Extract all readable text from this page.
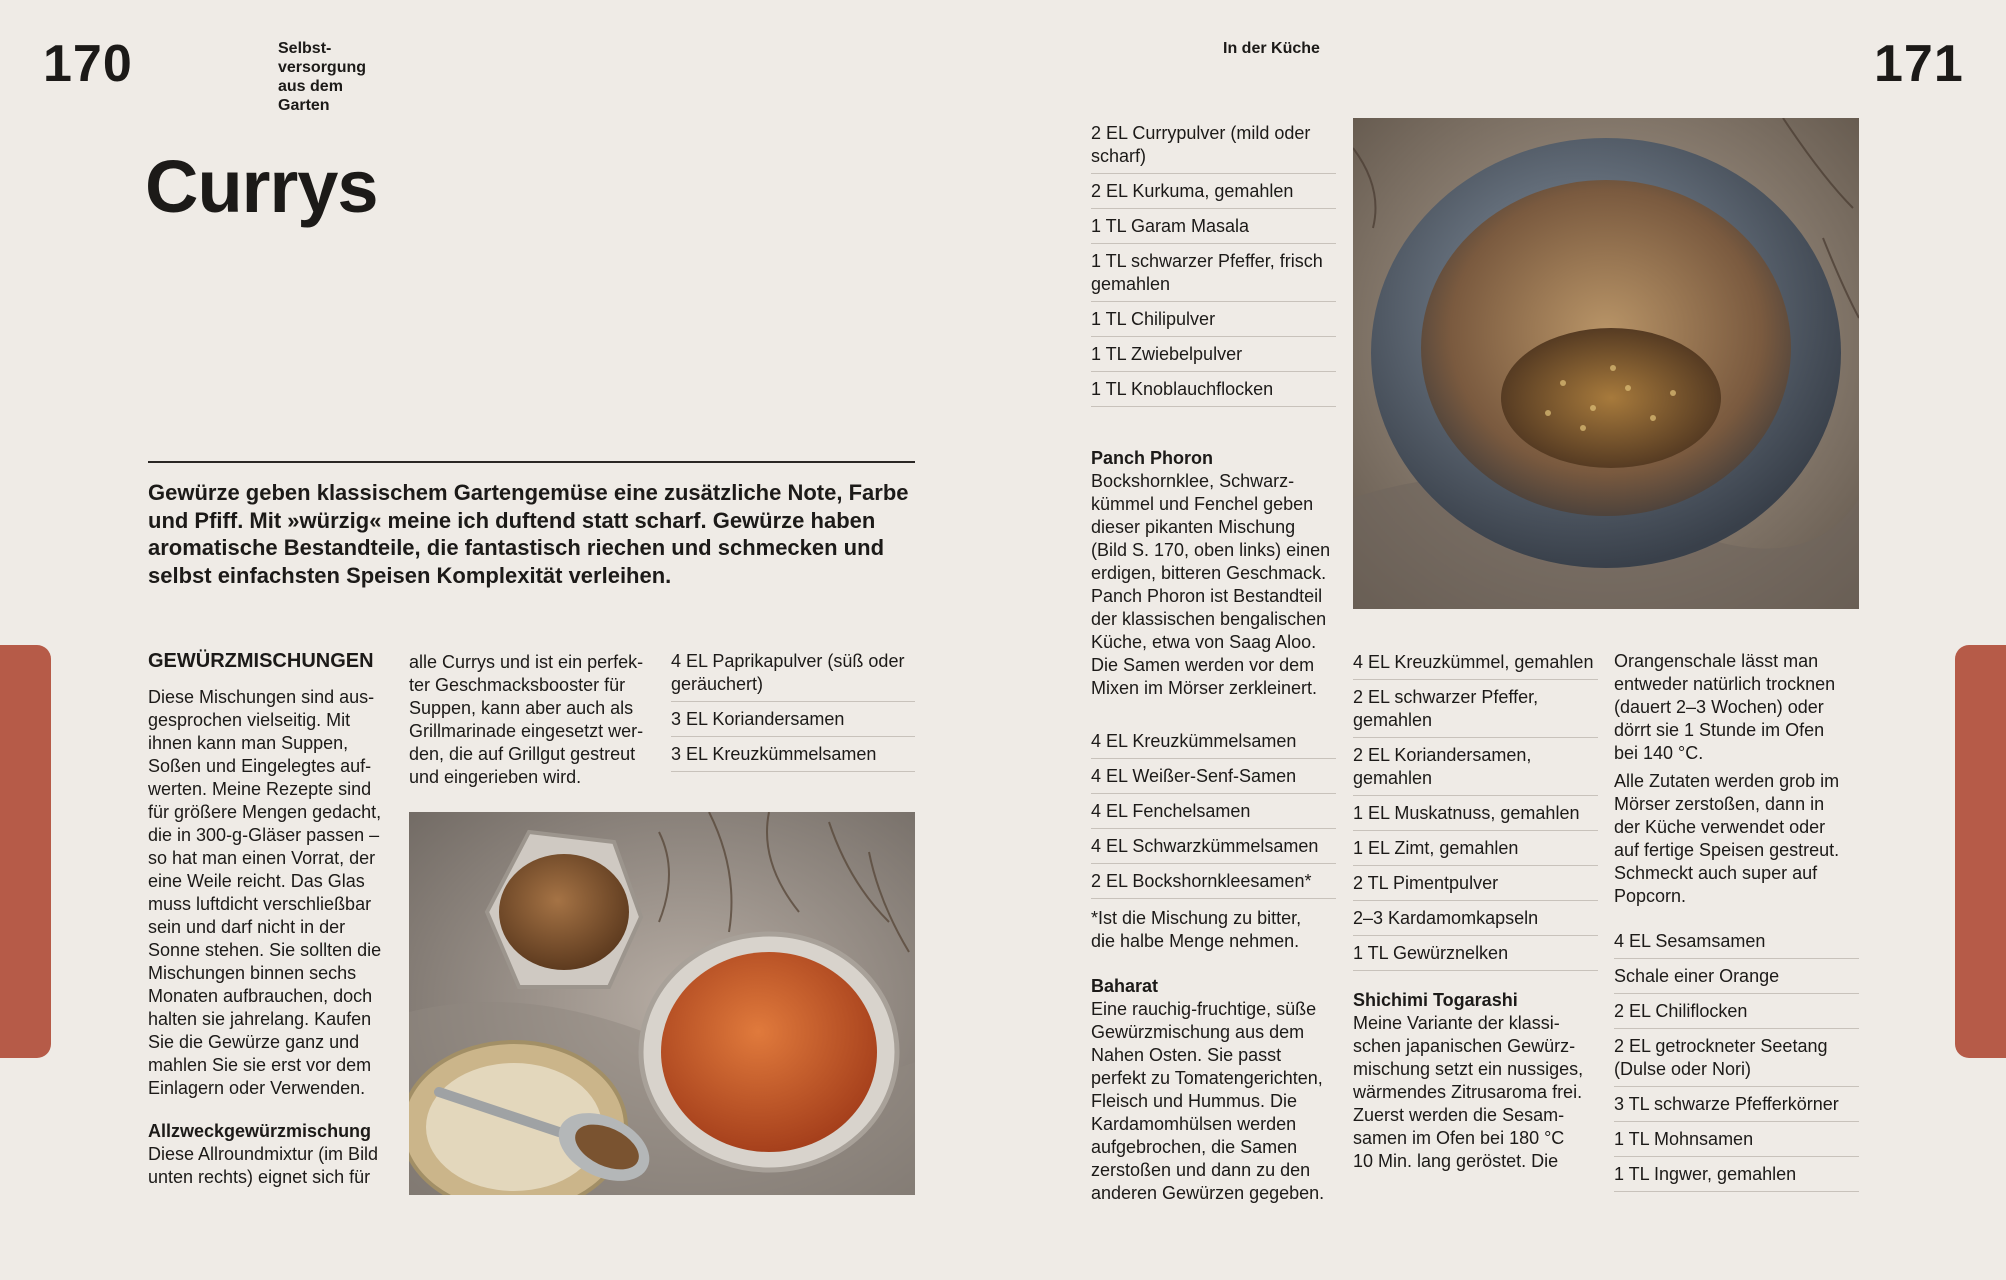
170	Selbst-
versorgung
aus dem
Garten
Currys
Gewürze geben klassischem Gartengemüse eine zusätzliche Note, Farbe und Pfiff. Mit »würzig« meine ich duftend statt scharf. Gewürze haben aromatische Bestandteile, die fantastisch riechen und schmecken und selbst einfachsten Speisen Komplexität verleihen.
GEWÜRZMISCHUNGEN

Diese Mischungen sind aus-

gesprochen vielseitig. Mit

ihnen kann man Suppen,

Soßen und Eingelegtes auf-

werten. Meine Rezepte sind

für größere Mengen gedacht,

die in 300-g-Gläser passen –

so hat man einen Vorrat, der

eine Weile reicht. Das Glas

muss luftdicht verschließbar

sein und darf nicht in der

Sonne stehen. Sie sollten die

Mischungen binnen sechs

Monaten aufbrauchen, doch

halten sie jahrelang. Kaufen

Sie die Gewürze ganz und

mahlen Sie sie erst vor dem

Einlagern oder Verwenden.

Allzweckgewürzmischung

Diese Allroundmixtur (im Bild

unten rechts) eignet sich für

alle Currys und ist ein perfek-

ter Geschmacksbooster für

Suppen, kann aber auch als

Grillmarinade eingesetzt wer-

den, die auf Grillgut gestreut

und eingerieben wird.

4 EL Paprikapulver (süß oder geräuchert)
3 EL Koriandersamen
3 EL Kreuzkümmelsamen
In der Küche	171
2 EL Currypulver (mild oder scharf)
2 EL Kurkuma, gemahlen
1 TL Garam Masala
1 TL schwarzer Pfeffer, frisch gemahlen
1 TL Chilipulver
1 TL Zwiebelpulver
1 TL Knoblauchflocken
Panch Phoron

Bockshornklee, Schwarz-

kümmel und Fenchel geben

dieser pikanten Mischung

(Bild S. 170, oben links) einen

erdigen, bitteren Geschmack.

Panch Phoron ist Bestandteil

der klassischen bengalischen

Küche, etwa von Saag Aloo.

Die Samen werden vor dem

Mixen im Mörser zerkleinert.

4 EL Kreuzkümmelsamen
4 EL Weißer-Senf-Samen
4 EL Fenchelsamen
4 EL Schwarzkümmelsamen
2 EL Bockshornkleesamen*

*Ist die Mischung zu bitter,

die halbe Menge nehmen.

Baharat

Eine rauchig-fruchtige, süße

Gewürzmischung aus dem

Nahen Osten. Sie passt

perfekt zu Tomatengerichten,

Fleisch und Hummus. Die

Kardamomhülsen werden

aufgebrochen, die Samen

zerstoßen und dann zu den

anderen Gewürzen gegeben.

4 EL Kreuzkümmel, gemahlen
2 EL schwarzer Pfeffer, gemahlen
2 EL Koriandersamen, gemahlen
1 EL Muskatnuss, gemahlen
1 EL Zimt, gemahlen
2 TL Pimentpulver
2–3 Kardamomkapseln
1 TL Gewürznelken
Shichimi Togarashi

Meine Variante der klassi-

schen japanischen Gewürz-

mischung setzt ein nussiges,

wärmendes Zitrusaroma frei.

Zuerst werden die Sesam-

samen im Ofen bei 180 °C

10 Min. lang geröstet. Die

Orangenschale lässt man

entweder natürlich trocknen

(dauert 2–3 Wochen) oder

dörrt sie 1 Stunde im Ofen

bei 140 °C.

Alle Zutaten werden grob im

Mörser zerstoßen, dann in

der Küche verwendet oder

auf fertige Speisen gestreut.

Schmeckt auch super auf

Popcorn.

4 EL Sesamsamen
Schale einer Orange
2 EL Chiliflocken
2 EL getrockneter Seetang (Dulse oder Nori)
3 TL schwarze Pfefferkörner
1 TL Mohnsamen
1 TL Ingwer, gemahlen
